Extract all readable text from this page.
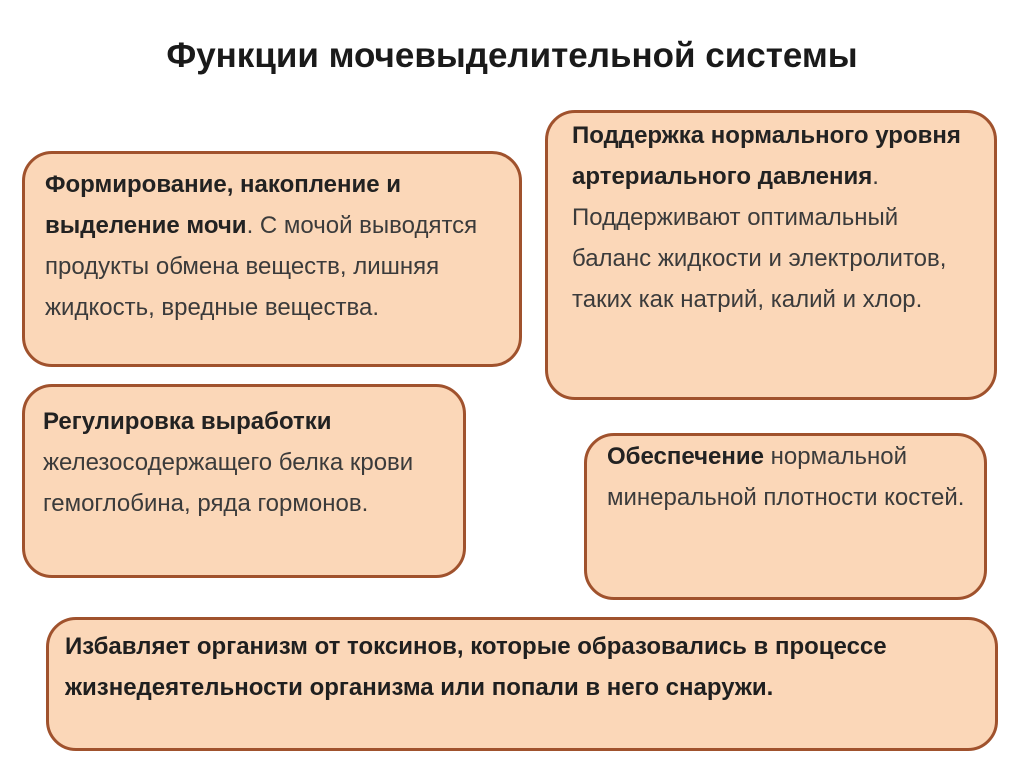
Функции мочевыделительной системы
Формирование, накопление и выделение мочи. С мочой выводятся продукты обмена веществ, лишняя жидкость, вредные вещества.
Поддержка нормального уровня артериального давления. Поддерживают оптимальный баланс жидкости и электролитов, таких как натрий, калий и хлор.
Регулировка выработки железосодержащего белка крови гемоглобина, ряда гормонов.
Обеспечение нормальной минеральной плотности костей.
Избавляет организм от токсинов, которые образовались в процессе жизнедеятельности организма или попали в него снаружи.
